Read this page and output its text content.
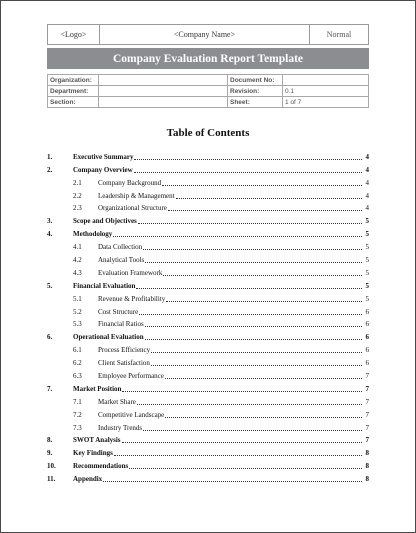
<Logo>	<Company Name>	Normal
Company Evaluation Report Template
Organization:		Document No:	
Department:		Revision:	0.1
Section:		Sheet:	1 of 7
Table of Contents
1.	Executive Summary	4
2.	Company Overview	4
2.1	Company Background	4
2.2	Leadership & Management	4
2.3	Organizational Structure	4
3.	Scope and Objectives	5
4.	Methodology	5
4.1	Data Collection	5
4.2	Analytical Tools	5
4.3	Evaluation Framework	5
5.	Financial Evaluation	5
5.1	Revenue & Profitability	5
5.2	Cost Structure	6
5.3	Financial Ratios	6
6.	Operational Evaluation	6
6.1	Process Efficiency	6
6.2	Client Satisfaction	6
6.3	Employee Performance	7
7.	Market Position	7
7.1	Market Share	7
7.2	Competitive Landscape	7
7.3	Industry Trends	7
8.	SWOT Analysis	7
9.	Key Findings	8
10.	Recommendations	8
11.	Appendix	8
